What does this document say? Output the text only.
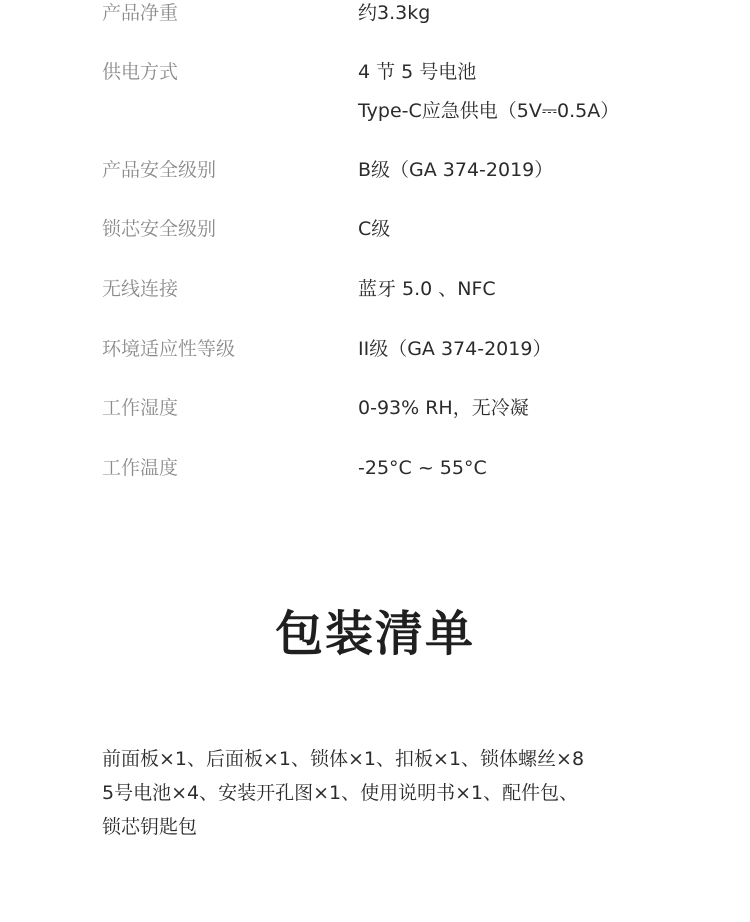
产品净重	约3.3kg
供电方式	4 节 5 号电池
Type-C应急供电（5V⎓0.5A）
产品安全级别	B级（GA 374-2019）
锁芯安全级别	C级
无线连接	蓝牙 5.0 、NFC
环境适应性等级	II级（GA 374-2019）
工作湿度	0-93% RH，无冷凝
工作温度	-25°C ~ 55°C
包装清单
前面板×1、后面板×1、锁体×1、扣板×1、锁体螺丝×8
5号电池×4、安装开孔图×1、使用说明书×1、配件包、
锁芯钥匙包
